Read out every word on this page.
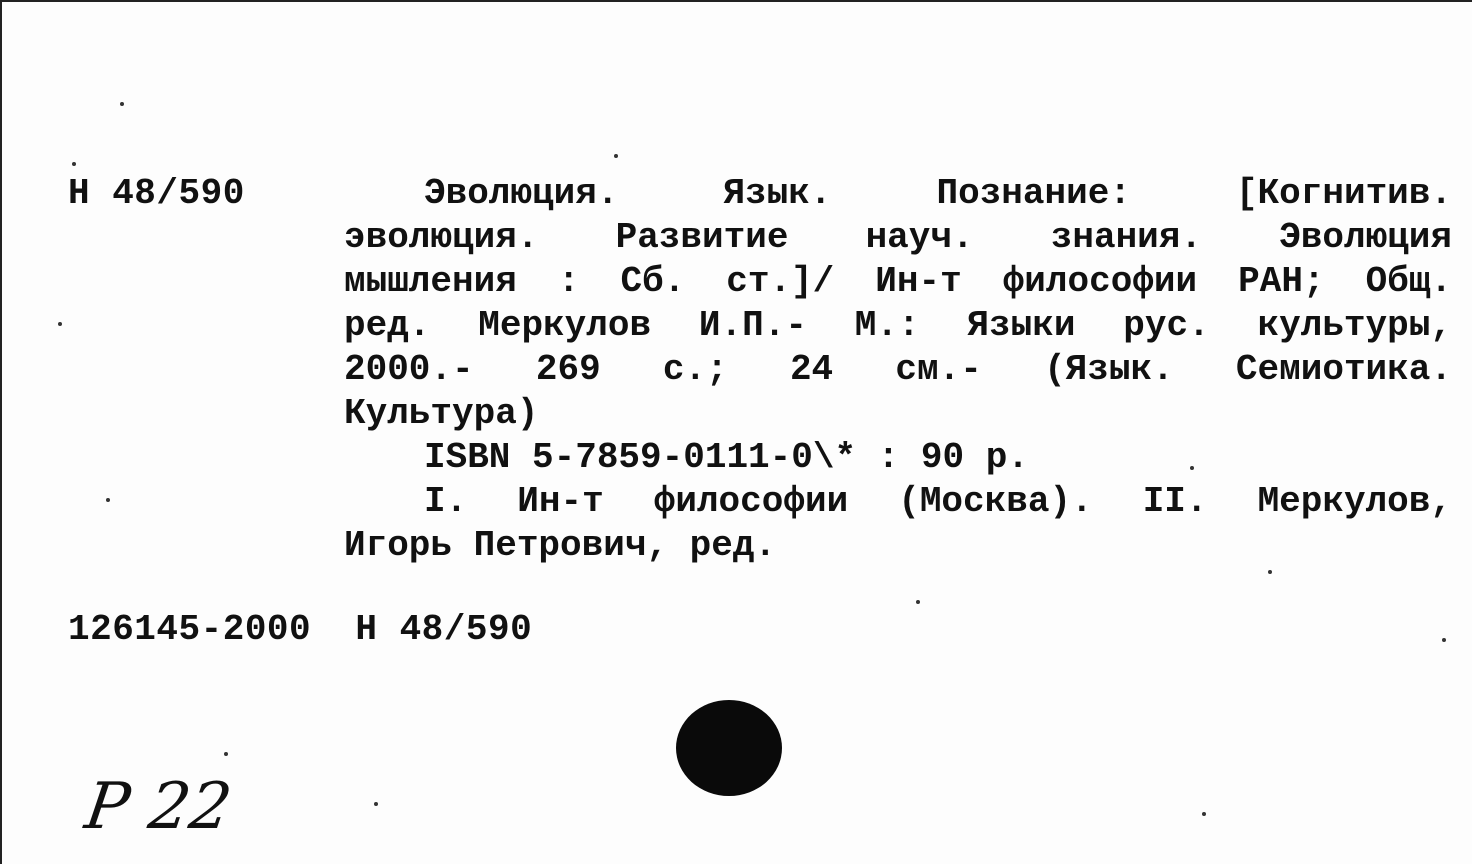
Н 48/590	Эволюция.	Язык.	Познание:	[Когнитив.
эволюция. Развитие науч. знания. Эволюция
мышления : Сб. ст.]/ Ин-т философии РАН; Общ.
ред. Меркулов И.П.- М.: Языки рус. культуры,
2000.- 269 с.; 24 см.- (Язык. Семиотика.
Культура)
ISBN 5-7859-0111-0\* : 90 р.
I. Ин-т философии (Москва). II. Меркулов,
Игорь Петрович, ред.
126145-2000 Н 48/590
Р 22
